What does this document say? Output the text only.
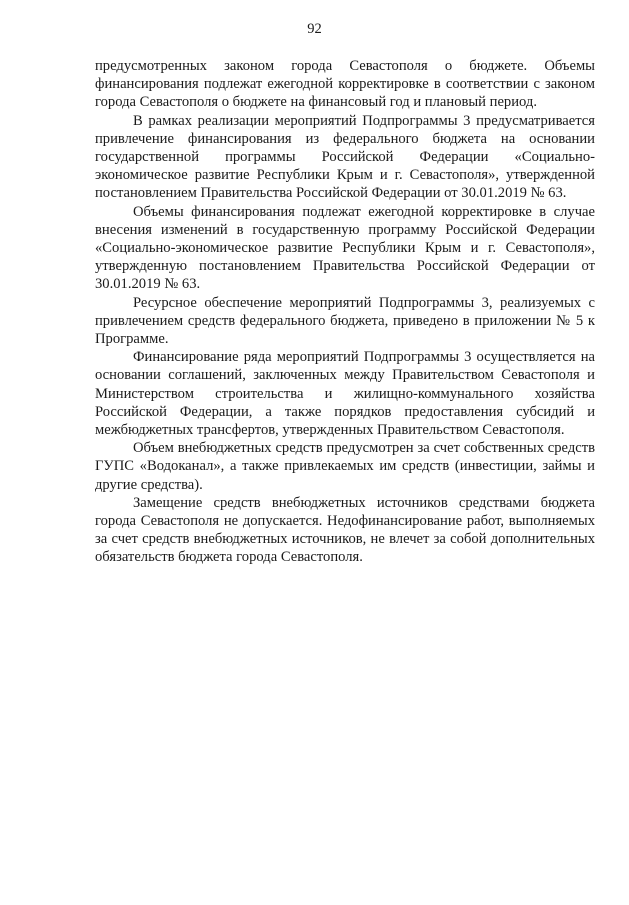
92

предусмотренных законом города Севастополя о бюджете. Объемы финансирования подлежат ежегодной корректировке в соответствии с законом города Севастополя о бюджете на финансовый год и плановый период.

В рамках реализации мероприятий Подпрограммы 3 предусматривается привлечение финансирования из федерального бюджета на основании государственной программы Российской Федерации «Социально-экономическое развитие Республики Крым и г. Севастополя», утвержденной постановлением Правительства Российской Федерации от 30.01.2019 № 63.

Объемы финансирования подлежат ежегодной корректировке в случае внесения изменений в государственную программу Российской Федерации «Социально-экономическое развитие Республики Крым и г. Севастополя», утвержденную постановлением Правительства Российской Федерации от 30.01.2019 № 63.

Ресурсное обеспечение мероприятий Подпрограммы 3, реализуемых с привлечением средств федерального бюджета, приведено в приложении № 5 к Программе.

Финансирование ряда мероприятий Подпрограммы 3 осуществляется на основании соглашений, заключенных между Правительством Севастополя и Министерством строительства и жилищно-коммунального хозяйства Российской Федерации, а также порядков предоставления субсидий и межбюджетных трансфертов, утвержденных Правительством Севастополя.

Объем внебюджетных средств предусмотрен за счет собственных средств ГУПС «Водоканал», а также привлекаемых им средств (инвестиции, займы и другие средства).

Замещение средств внебюджетных источников средствами бюджета города Севастополя не допускается. Недофинансирование работ, выполняемых за счет средств внебюджетных источников, не влечет за собой дополнительных обязательств бюджета города Севастополя.
